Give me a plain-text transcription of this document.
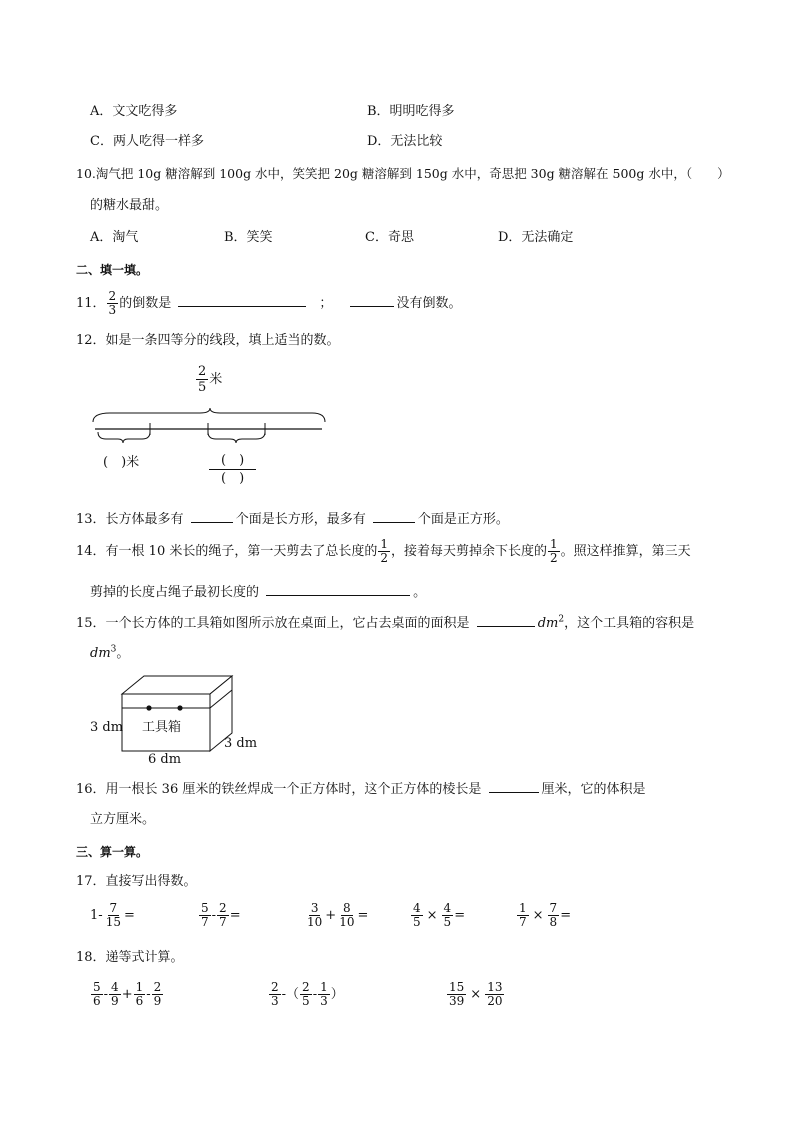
A．文文吃得多	B．明明吃得多
C．两人吃得一样多	D．无法比较
10.淘气把 10g 糖溶解到 100g 水中，笑笑把 20g 糖溶解到 150g 水中，奇思把 30g 糖溶解在 500g 水中，（　　）
的糖水最甜。
A．淘气	B．笑笑	C．奇思	D．无法确定
二、填一填。
11． $\frac{2}{3}$ 的倒数是	；	没有倒数。
12．如是一条四等分的线段，填上适当的数。
$\frac{2}{5}$ 米
(　)米	$\frac{( )}{( )}$
13．长方体最多有	个面是长方形，最多有	个面是正方形。
14．有一根 10 米长的绳子，第一天剪去了总长度的 $\frac{1}{2}$ ，接着每天剪掉余下长度的 $\frac{1}{2}$ 。照这样推算，第三天
剪掉的长度占绳子最初长度的	。
15．一个长方体的工具箱如图所示放在桌面上，它占去桌面的面积是	$dm^2$，这个工具箱的容积是
$dm^3$。
工具箱
3 dm
3 dm
6 dm
16．用一根长 36 厘米的铁丝焊成一个正方体时，这个正方体的棱长是	厘米，它的体积是
立方厘米。
三、算一算。
17．直接写出得数。
$1- \frac{7}{15}$ =	$\frac{5}{7} - \frac{2}{7}$ =	$\frac{3}{10} + \frac{8}{10}$ =	$\frac{4}{5} \times \frac{4}{5}$ =	$\frac{1}{7} \times \frac{7}{8}$ =
18．递等式计算。
$\frac{5}{6} - \frac{4}{9} + \frac{1}{6} - \frac{2}{9}$	$\frac{2}{3}$ -（ $\frac{2}{5} - \frac{1}{3}$ ）	$\frac{15}{39} \times \frac{13}{20}$
